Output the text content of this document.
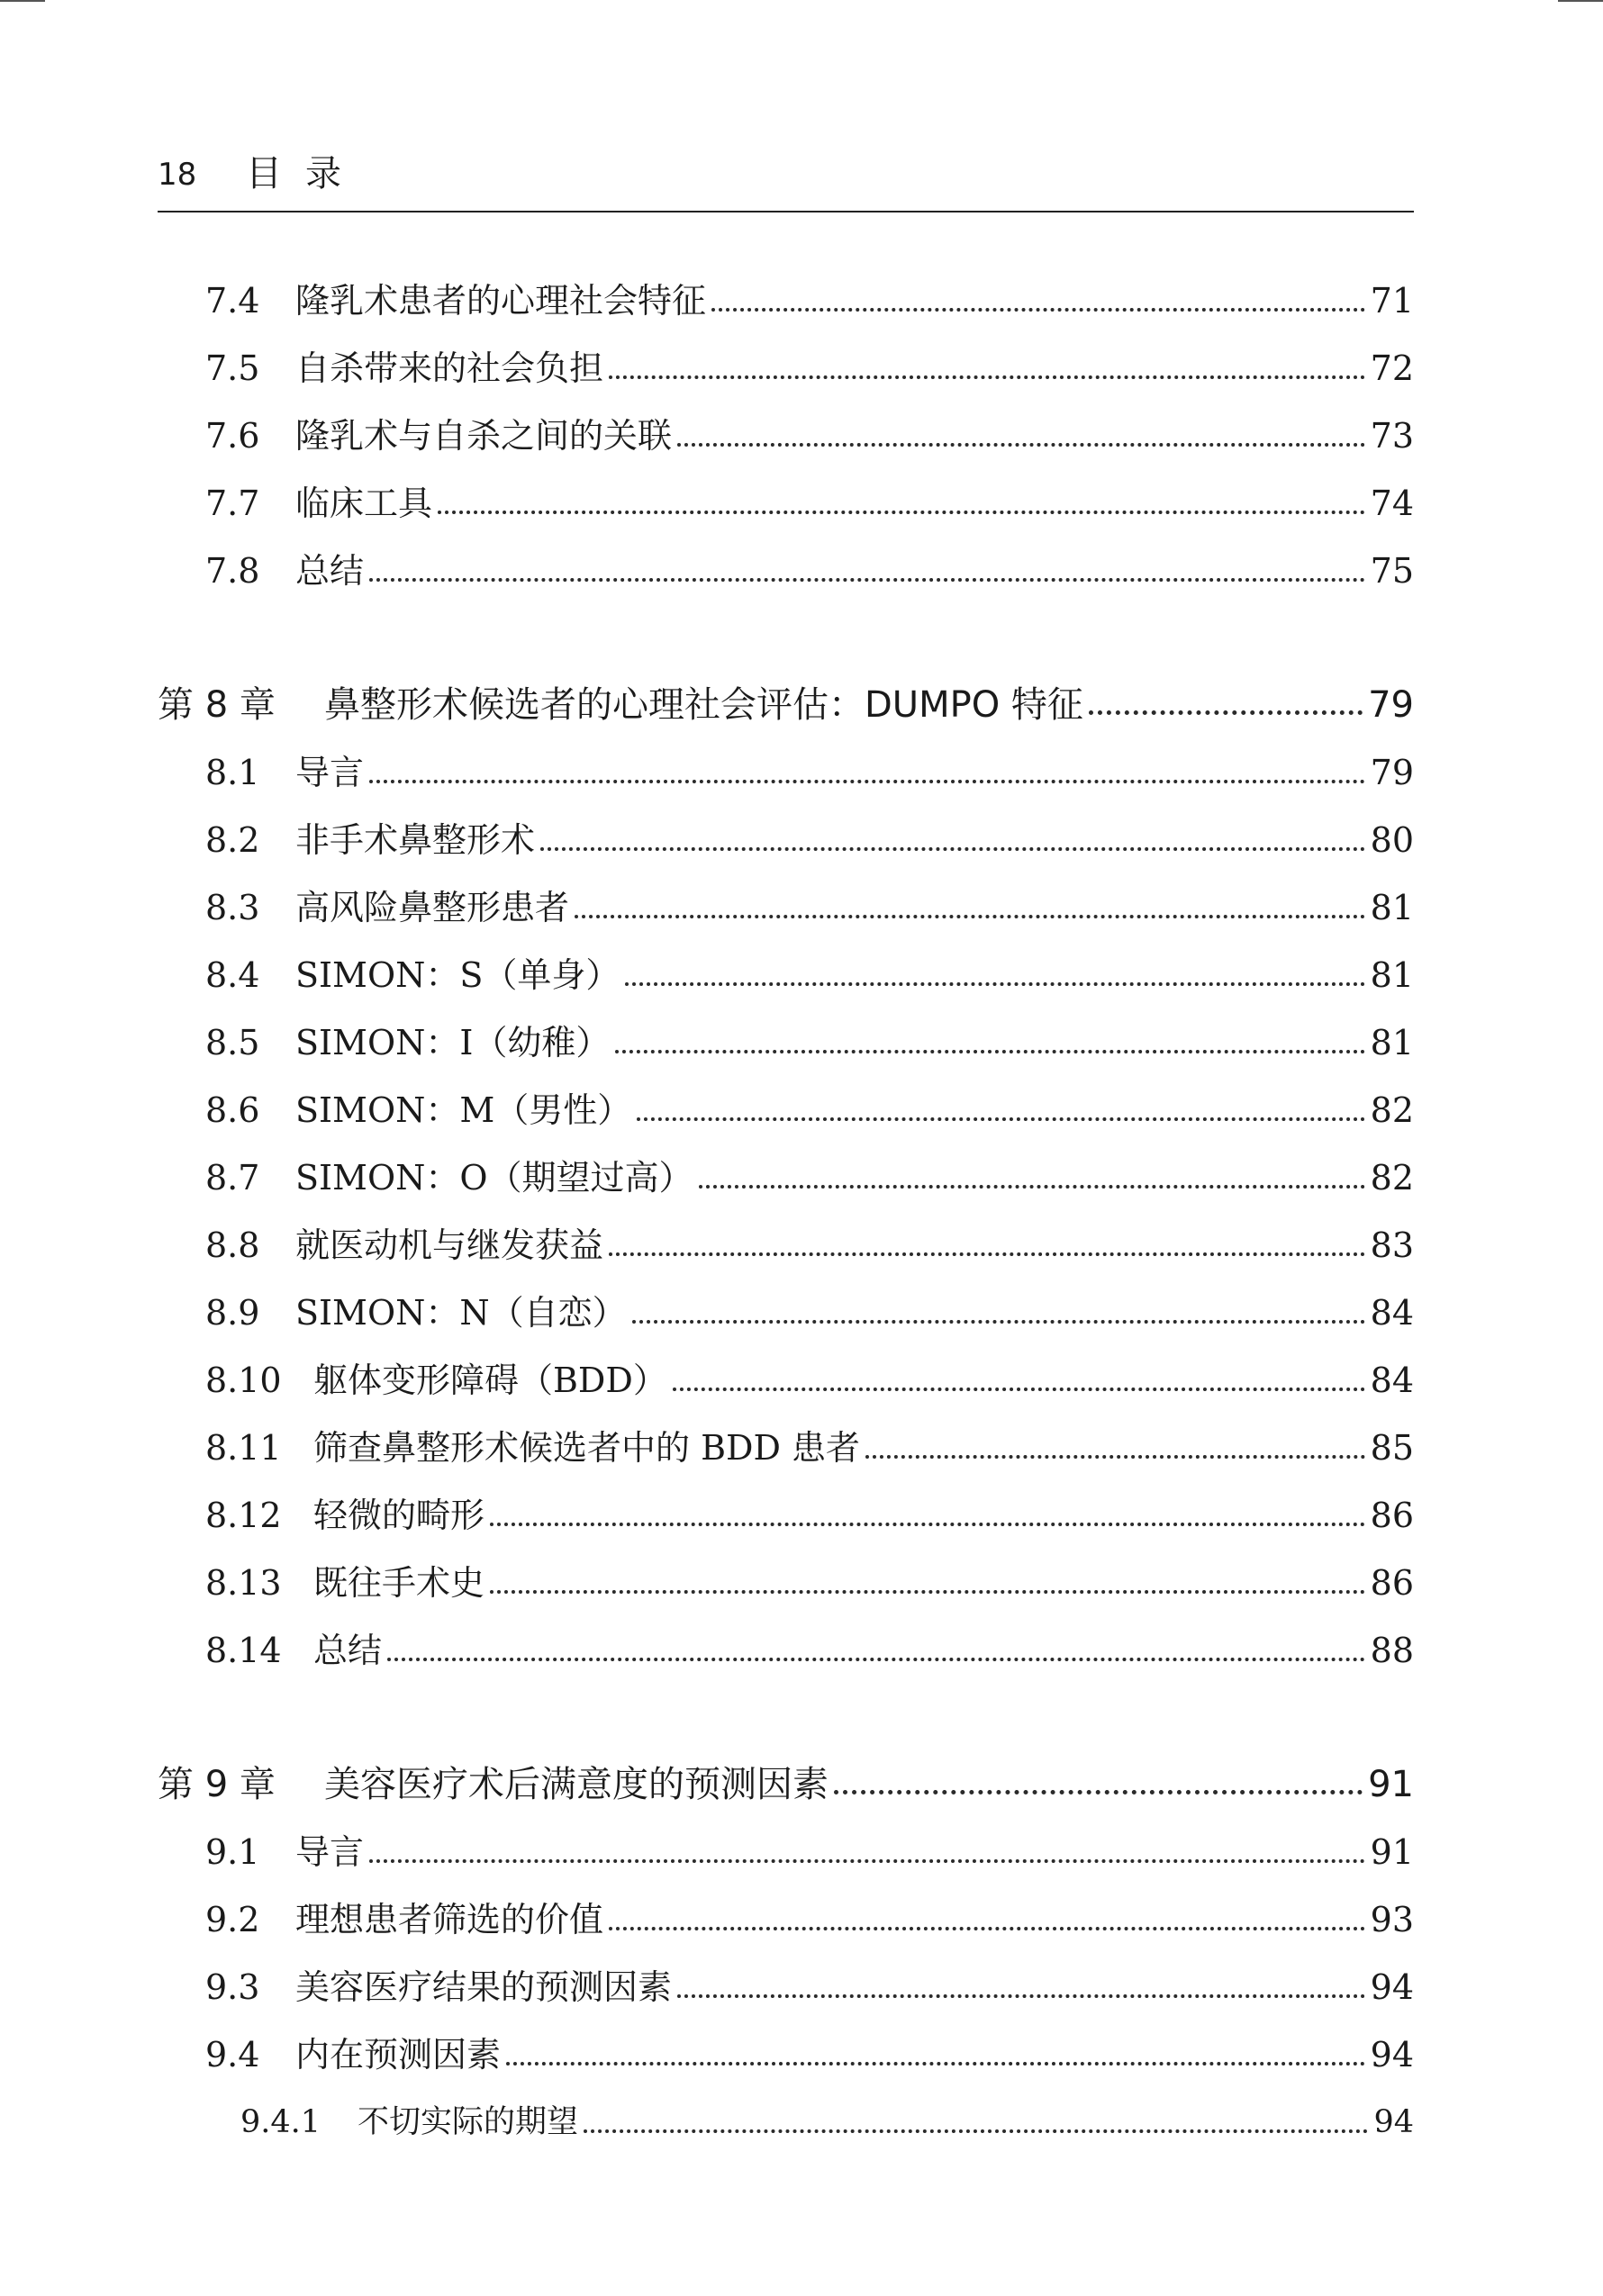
18 目录
7.4	隆乳术患者的心理社会特征	71
7.5	自杀带来的社会负担	72
7.6	隆乳术与自杀之间的关联	73
7.7	临床工具	74
7.8	总结	75
第 8 章	鼻整形术候选者的心理社会评估：DUMPO 特征	79
8.1	导言	79
8.2	非手术鼻整形术	80
8.3	高风险鼻整形患者	81
8.4	SIMON：S（单身）	81
8.5	SIMON：I（幼稚）	81
8.6	SIMON：M（男性）	82
8.7	SIMON：O（期望过高）	82
8.8	就医动机与继发获益	83
8.9	SIMON：N（自恋）	84
8.10 躯体变形障碍（BDD）	84
8.11 筛查鼻整形术候选者中的 BDD 患者	85
8.12 轻微的畸形	86
8.13 既往手术史	86
8.14 总结	88
第 9 章	美容医疗术后满意度的预测因素	91
9.1	导言	91
9.2	理想患者筛选的价值	93
9.3	美容医疗结果的预测因素	94
9.4	内在预测因素	94
9.4.1	不切实际的期望	94
